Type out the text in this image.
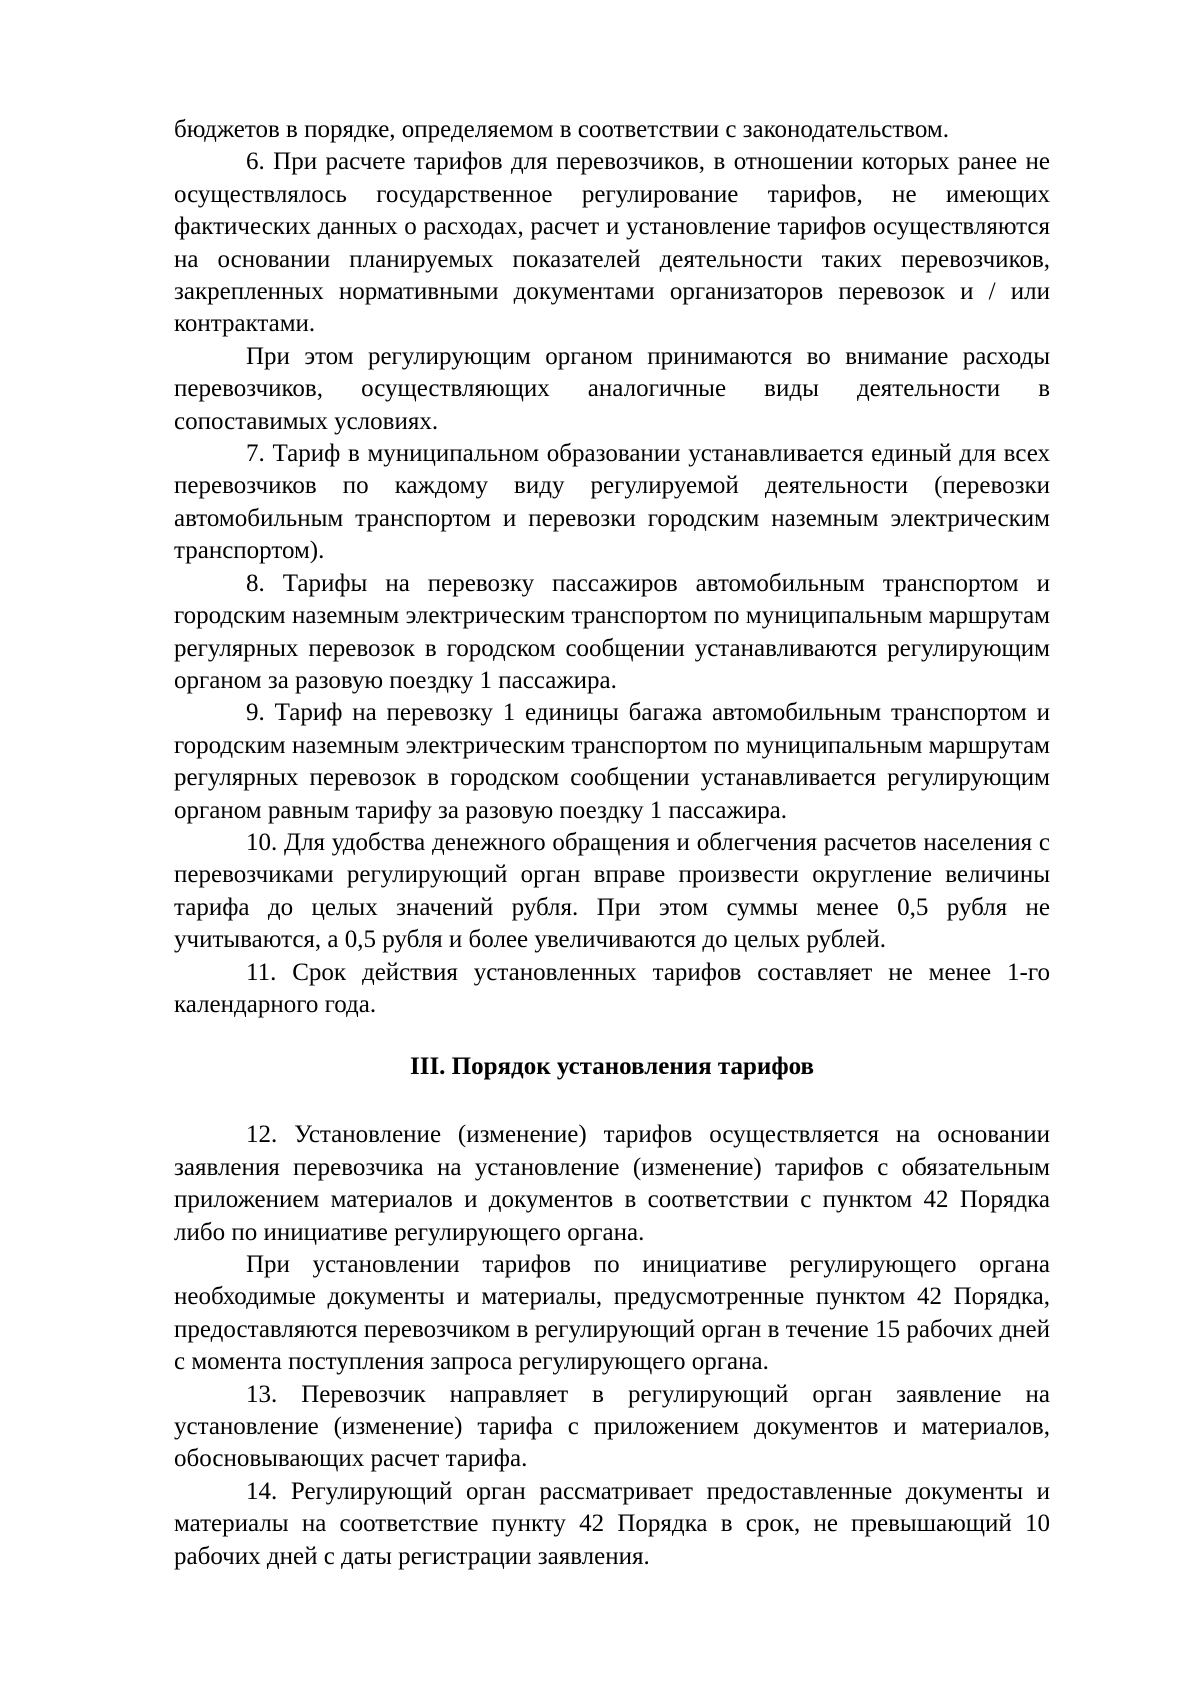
бюджетов в порядке, определяемом в соответствии с законодательством.

6. При расчете тарифов для перевозчиков, в отношении которых ранее не осуществлялось государственное регулирование тарифов, не имеющих фактических данных о расходах, расчет и установление тарифов осуществляются на основании планируемых показателей деятельности таких перевозчиков, закрепленных нормативными документами организаторов перевозок и / или контрактами.

При этом регулирующим органом принимаются во внимание расходы перевозчиков, осуществляющих аналогичные виды деятельности в сопоставимых условиях.

7. Тариф в муниципальном образовании устанавливается единый для всех перевозчиков по каждому виду регулируемой деятельности (перевозки автомобильным транспортом и перевозки городским наземным электрическим транспортом).

8. Тарифы на перевозку пассажиров автомобильным транспортом и городским наземным электрическим транспортом по муниципальным маршрутам регулярных перевозок в городском сообщении устанавливаются регулирующим органом за разовую поездку 1 пассажира.

9. Тариф на перевозку 1 единицы багажа автомобильным транспортом и городским наземным электрическим транспортом по муниципальным маршрутам регулярных перевозок в городском сообщении устанавливается регулирующим органом равным тарифу за разовую поездку 1 пассажира.

10. Для удобства денежного обращения и облегчения расчетов населения с перевозчиками регулирующий орган вправе произвести округление величины тарифа до целых значений рубля. При этом суммы менее 0,5 рубля не учитываются, а 0,5 рубля и более увеличиваются до целых рублей.

11. Срок действия установленных тарифов составляет не менее 1-го календарного года.

III. Порядок установления тарифов

12. Установление (изменение) тарифов осуществляется на основании заявления перевозчика на установление (изменение) тарифов с обязательным приложением материалов и документов в соответствии с пунктом 42 Порядка либо по инициативе регулирующего органа.

При установлении тарифов по инициативе регулирующего органа необходимые документы и материалы, предусмотренные пунктом 42 Порядка, предоставляются перевозчиком в регулирующий орган в течение 15 рабочих дней с момента поступления запроса регулирующего органа.

13. Перевозчик направляет в регулирующий орган заявление на установление (изменение) тарифа с приложением документов и материалов, обосновывающих расчет тарифа.

14. Регулирующий орган рассматривает предоставленные документы и материалы на соответствие пункту 42 Порядка в срок, не превышающий 10 рабочих дней с даты регистрации заявления.
